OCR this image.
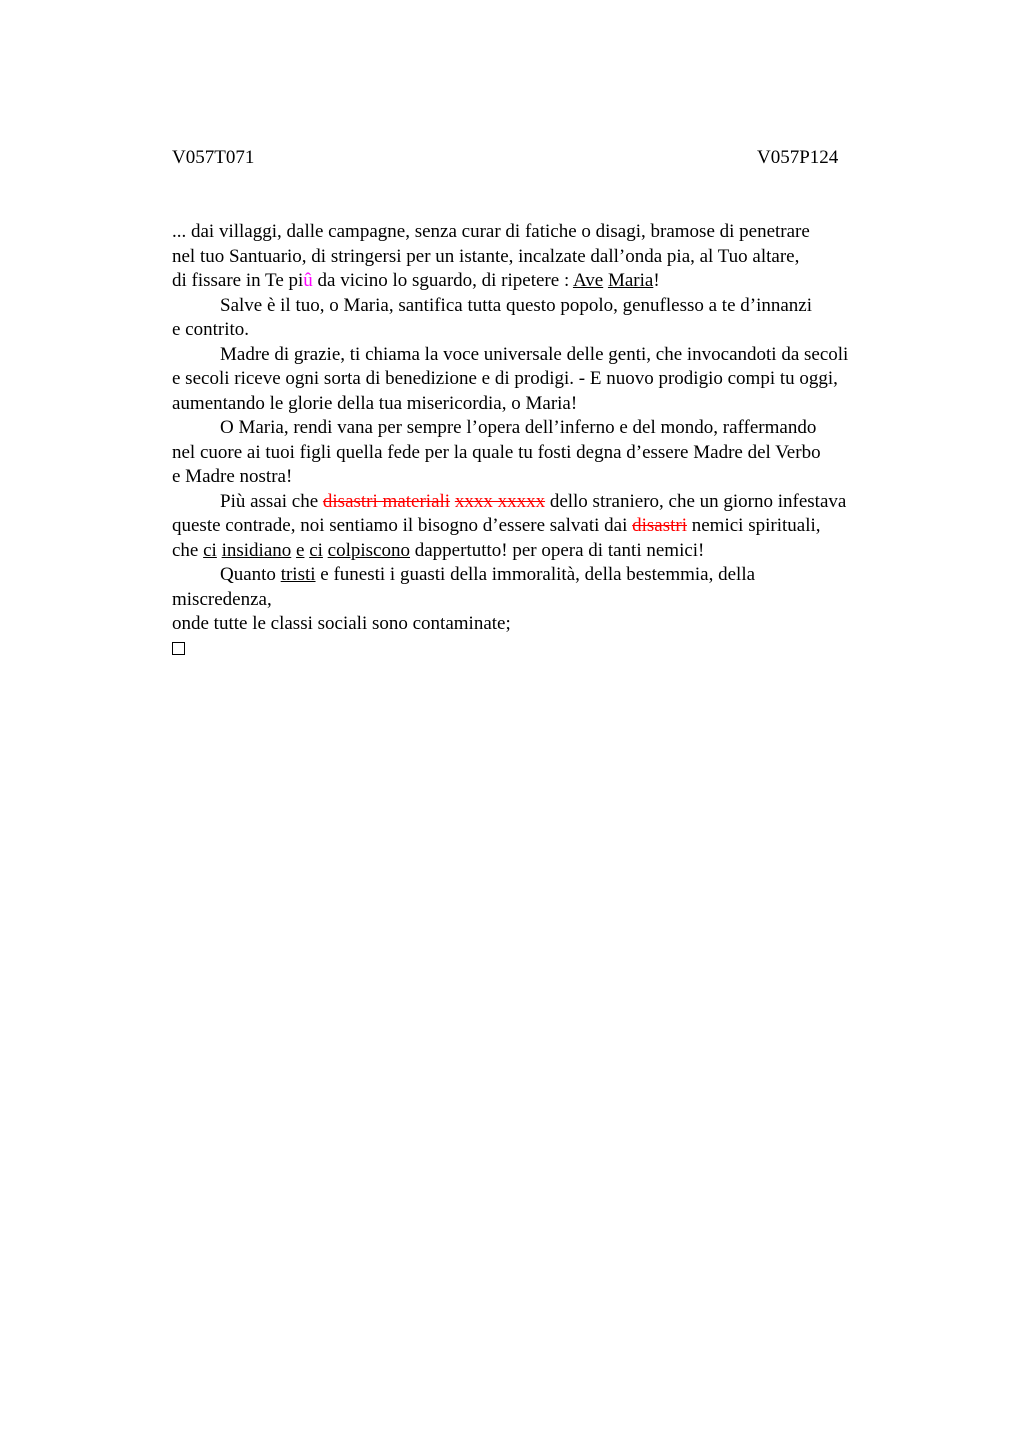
V057T071	V057P124
... dai villaggi, dalle campagne, senza curar di fatiche o disagi, bramose di penetrare
nel tuo Santuario, di stringersi per un istante, incalzate dall’onda pia, al Tuo altare,
di fissare in Te piû da vicino lo sguardo, di ripetere : Ave Maria!
Salve è il tuo, o Maria, santifica tutta questo popolo, genuflesso a te d’innanzi
e contrito.
Madre di grazie, ti chiama la voce universale delle genti, che invocandoti da secoli
e secoli riceve ogni sorta di benedizione e di prodigi. - E nuovo prodigio compi tu oggi,
aumentando le glorie della tua misericordia, o Maria!
O Maria, rendi vana per sempre l’opera dell’inferno e del mondo, raffermando
nel cuore ai tuoi figli quella fede per la quale tu fosti degna d’essere Madre del Verbo
e Madre nostra!
Più assai che disastri materiali xxxx xxxxx dello straniero, che un giorno infestava
queste contrade, noi sentiamo il bisogno d’essere salvati dai disastri nemici spirituali,
che ci insidiano e ci colpiscono dappertutto! per opera di tanti nemici!
Quanto tristi e funesti i guasti della immoralità, della bestemmia, della
miscredenza,
onde tutte le classi sociali sono contaminate;
